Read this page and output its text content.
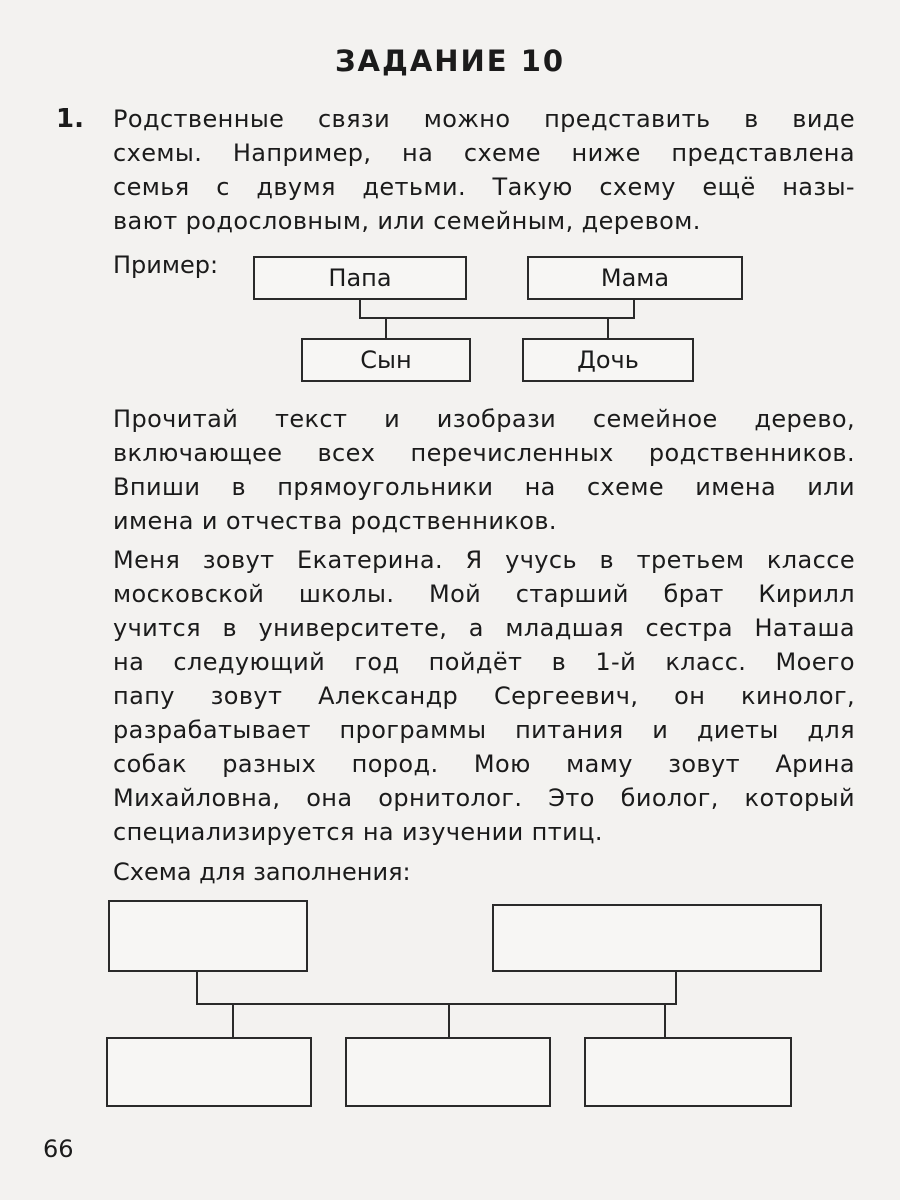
ЗАДАНИЕ 10
1. Родственные связи можно представить в виде
схемы. Например, на схеме ниже представлена
семья с двумя детьми. Такую схему ещё назы-
вают родословным, или семейным, деревом.
Пример:	Папа	Мама
Сын	Дочь
Прочитай текст и изобрази семейное дерево,
включающее всех перечисленных родственников.
Впиши в прямоугольники на схеме имена или
имена и отчества родственников.
Меня зовут Екатерина. Я учусь в третьем классе
московской школы. Мой старший брат Кирилл
учится в университете, а младшая сестра Наташа
на следующий год пойдёт в 1-й класс. Моего
папу зовут Александр Сергеевич, он кинолог,
разрабатывает программы питания и диеты для
собак разных пород. Мою маму зовут Арина
Михайловна, она орнитолог. Это биолог, который
специализируется на изучении птиц.
Схема для заполнения:
66
